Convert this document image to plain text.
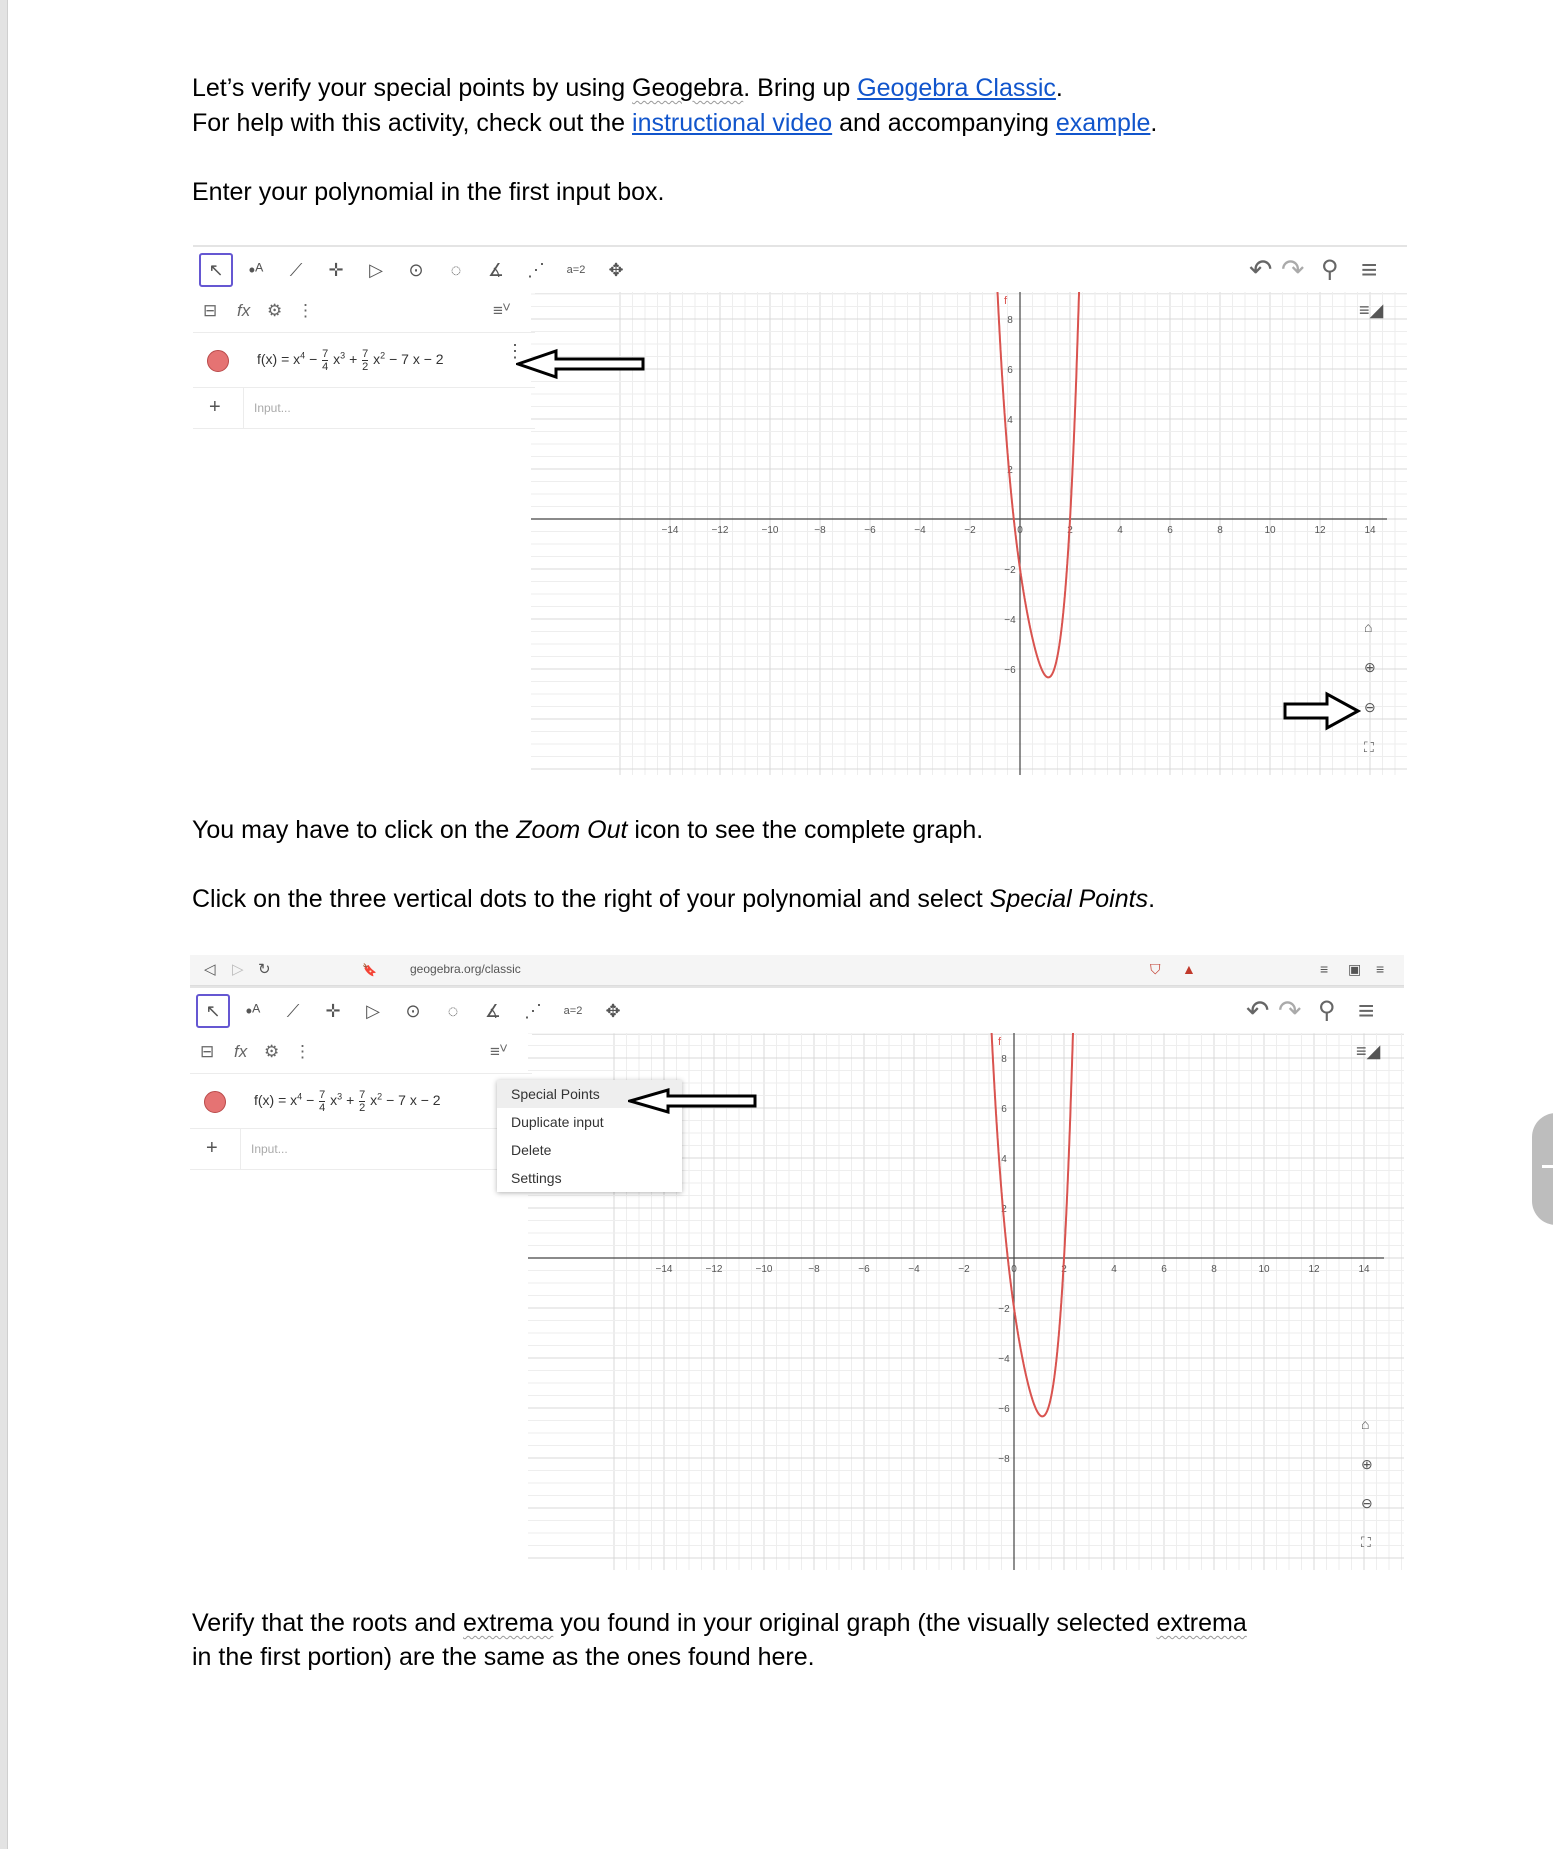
Let’s verify your special points by using Geogebra. Bring up Geogebra Classic.
For help with this activity, check out the instructional video and accompanying example.
Enter your polynomial in the first input box.
↖	•ᴬ	⟋	✛	▷	⊙	◌	∡	⋰	a=2	✥	↶ ↷ ⚲ ≡
⊟ fx ⚙ ⋮	≡ⱽ
$f(x) = x^4 - \frac{7}{4} x^3 + \frac{7}{2} x^2 - 7$ x − 2	⋮
+	Input...
−14	−12	−10	−8	−6	−4	−2	0	2	4	6	8	10	12	14
8
6
4
2
−2
−4
−6
f	≡◢
⌂
⊕
⊖
⛶
You may have to click on the Zoom Out icon to see the complete graph.
Click on the three vertical dots to the right of your polynomial and select Special Points.
◁ ▷ ↻	🔖	geogebra.org/classic	⛉ ▲	≡ ▣ ≡
↖	•ᴬ	⟋	✛	▷	⊙	◌	∡	⋰	a=2	✥	↶ ↷ ⚲ ≡
⊟ fx ⚙ ⋮	≡ⱽ
$f(x) = x^4 - \frac{7}{4} x^3 + \frac{7}{2} x^2 - 7$ x − 2
+	Input...
−14	−12	−10	−8	−6	−4	−2	0	2	4	6	8	10	12	14
8
6
4
2
−2
−4
−6
−8
f
Special Points
Duplicate input
Delete
Settings
≡◢
⌂
⊕
⊖
⛶
Verify that the roots and extrema you found in your original graph (the visually selected extrema
in the first portion) are the same as the ones found here.
